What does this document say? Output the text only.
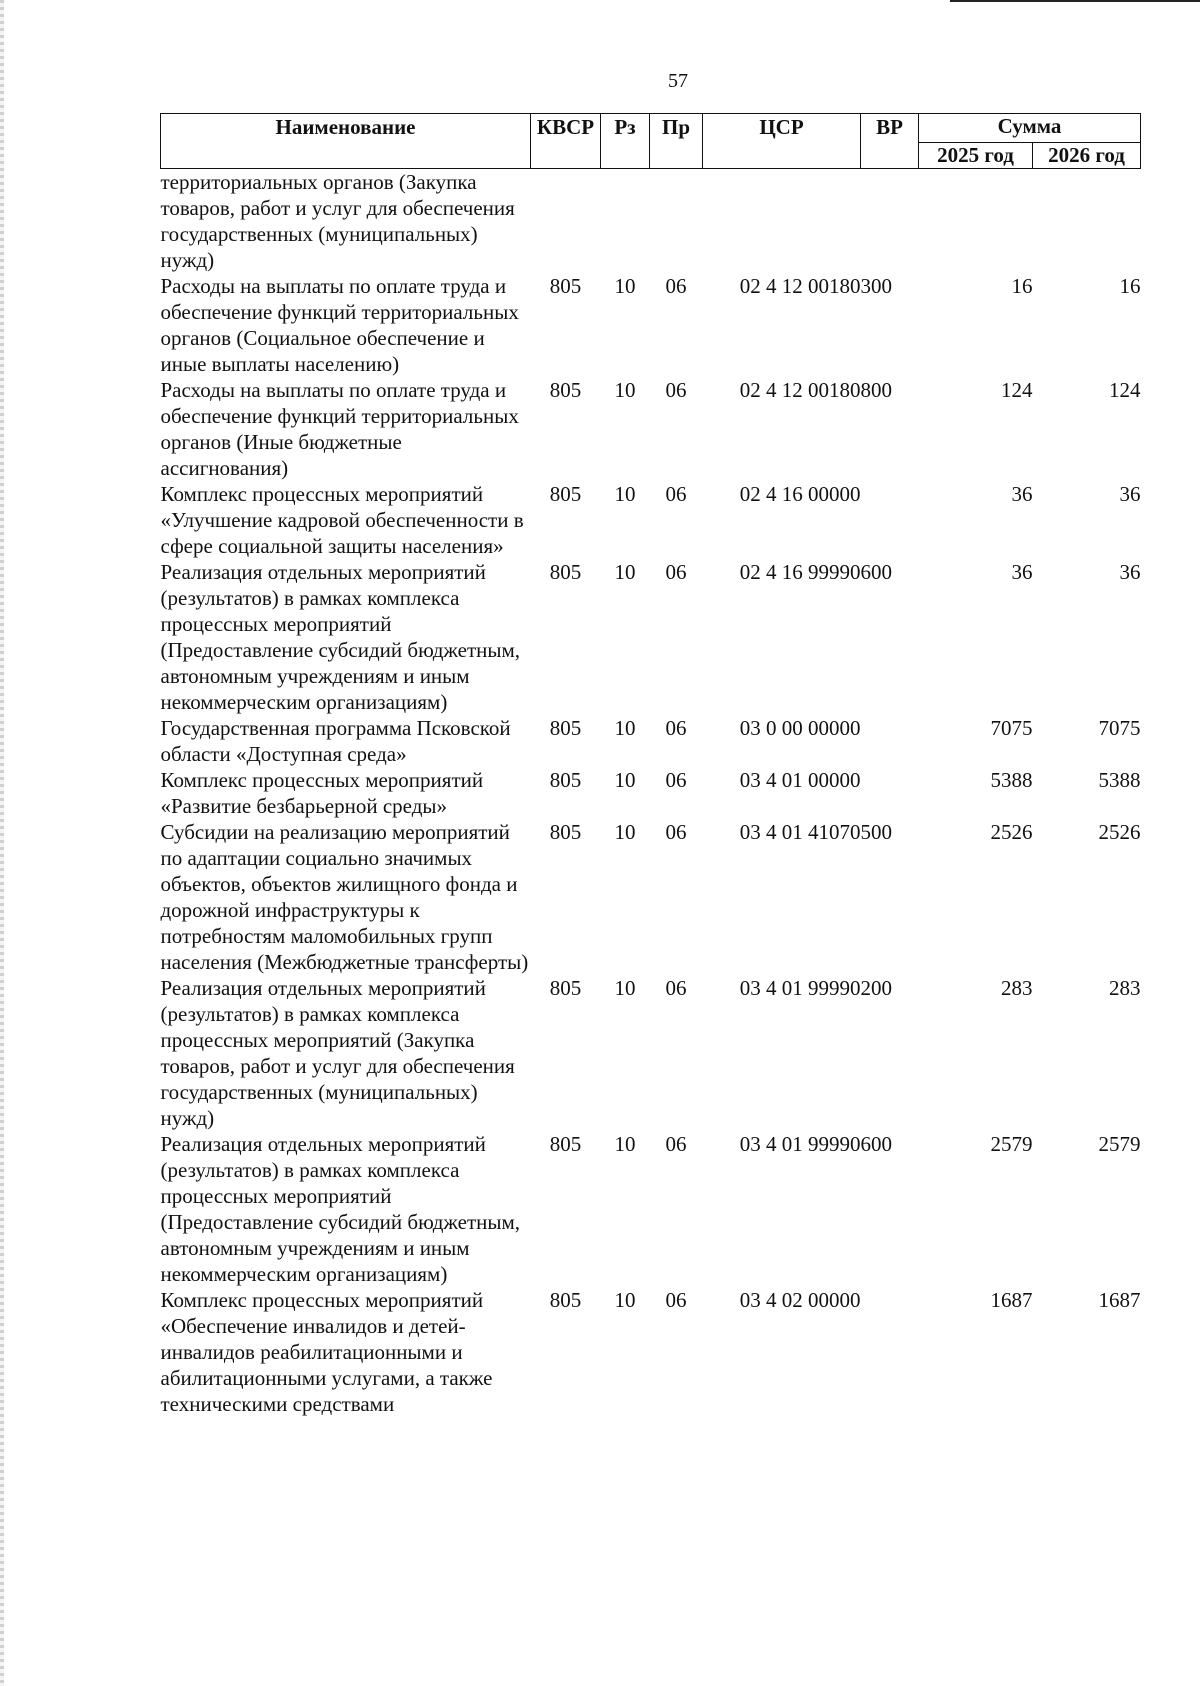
57
Наименование	КВСР	Рз	Пр	ЦСР	ВР	Сумма	
						2025 год	2026 год
территориальных органов (Закупка товаров, работ и услуг для обеспечения государственных (муниципальных) нужд)							
Расходы на выплаты по оплате труда и обеспечение функций территориальных органов (Социальное обеспечение и иные выплаты населению)	805	10	06	02 4 12 00180	300	16	16
Расходы на выплаты по оплате труда и обеспечение функций территориальных органов (Иные бюджетные ассигнования)	805	10	06	02 4 12 00180	800	124	124
Комплекс процессных мероприятий «Улучшение кадровой обеспеченности в сфере социальной защиты населения»	805	10	06	02 4 16 00000		36	36
Реализация отдельных мероприятий (результатов) в рамках комплекса процессных мероприятий (Предоставление субсидий бюджетным, автономным учреждениям и иным некоммерческим организациям)	805	10	06	02 4 16 99990	600	36	36
Государственная программа Псковской области «Доступная среда»	805	10	06	03 0 00 00000		7075	7075
Комплекс процессных мероприятий «Развитие безбарьерной среды»	805	10	06	03 4 01 00000		5388	5388
Субсидии на реализацию мероприятий по адаптации социально значимых объектов, объектов жилищного фонда и дорожной инфраструктуры к потребностям маломобильных групп населения (Межбюджетные трансферты)	805	10	06	03 4 01 41070	500	2526	2526
Реализация отдельных мероприятий (результатов) в рамках комплекса процессных мероприятий (Закупка товаров, работ и услуг для обеспечения государственных (муниципальных) нужд)	805	10	06	03 4 01 99990	200	283	283
Реализация отдельных мероприятий (результатов) в рамках комплекса процессных мероприятий (Предоставление субсидий бюджетным, автономным учреждениям и иным некоммерческим организациям)	805	10	06	03 4 01 99990	600	2579	2579
Комплекс процессных мероприятий «Обеспечение инвалидов и детей-инвалидов реабилитационными и абилитационными услугами, а также техническими средствами	805	10	06	03 4 02 00000		1687	1687
